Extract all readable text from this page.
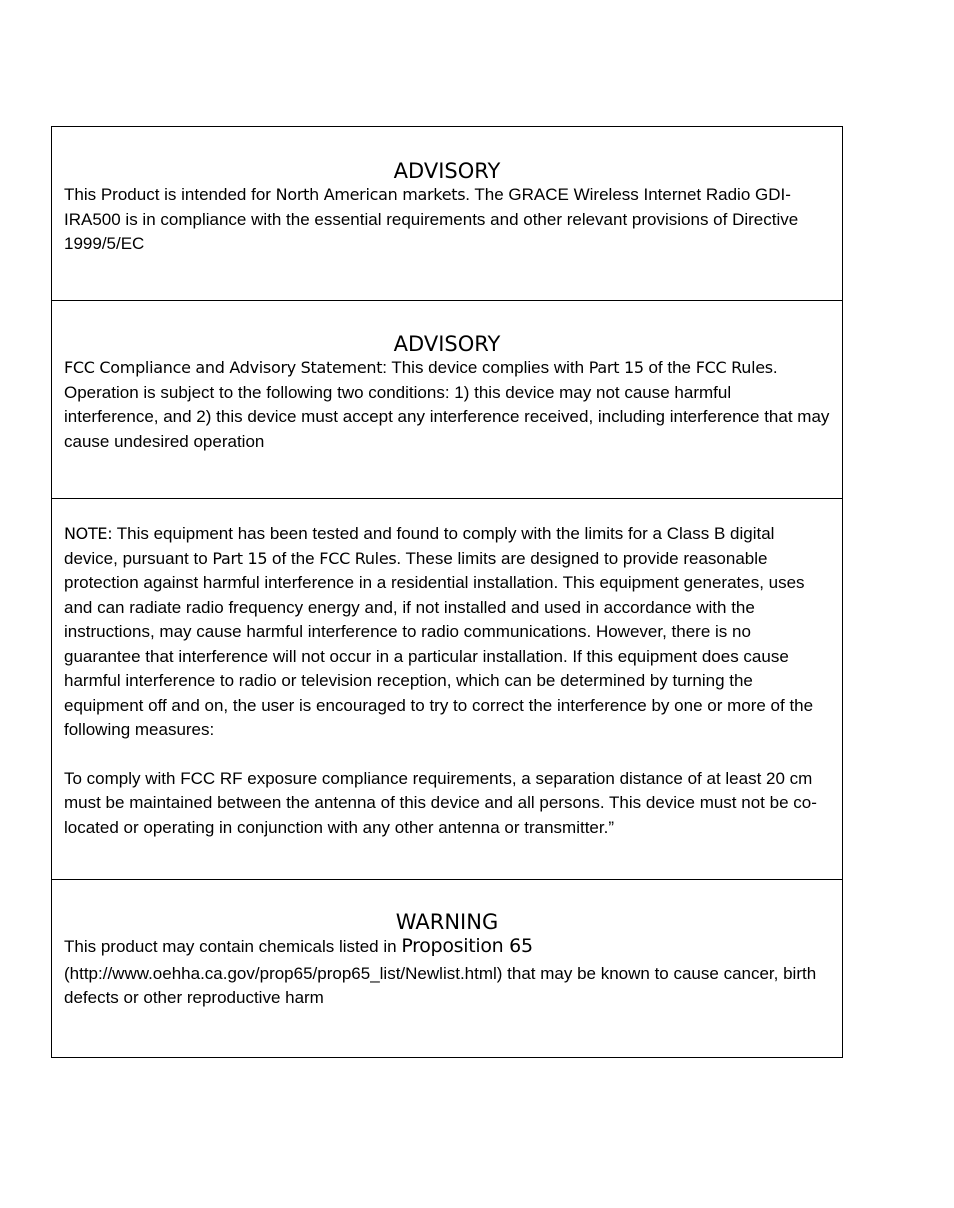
ADVISORY

This Product is intended for North American markets. The GRACE Wireless Internet Radio GDI-IRA500 is in compliance with the essential requirements and other relevant provisions of Directive 1999/5/EC

ADVISORY

FCC Compliance and Advisory Statement: This device complies with Part 15 of the FCC Rules. Operation is subject to the following two conditions: 1) this device may not cause harmful interference, and 2) this device must accept any interference received, including interference that may cause undesired operation

NOTE: This equipment has been tested and found to comply with the limits for a Class B digital device, pursuant to Part 15 of the FCC Rules. These limits are designed to provide reasonable protection against harmful interference in a residential installation. This equipment generates, uses and can radiate radio frequency energy and, if not installed and used in accordance with the instructions, may cause harmful interference to radio communications. However, there is no guarantee that interference will not occur in a particular installation. If this equipment does cause harmful interference to radio or television reception, which can be determined by turning the equipment off and on, the user is encouraged to try to correct the interference by one or more of the following measures:

To comply with FCC RF exposure compliance requirements, a separation distance of at least 20 cm must be maintained between the antenna of this device and all persons. This device must not be co-located or operating in conjunction with any other antenna or transmitter.”

WARNING

This product may contain chemicals listed in Proposition 65

(http://www.oehha.ca.gov/prop65/prop65_list/Newlist.html) that may be known to cause cancer, birth defects or other reproductive harm
